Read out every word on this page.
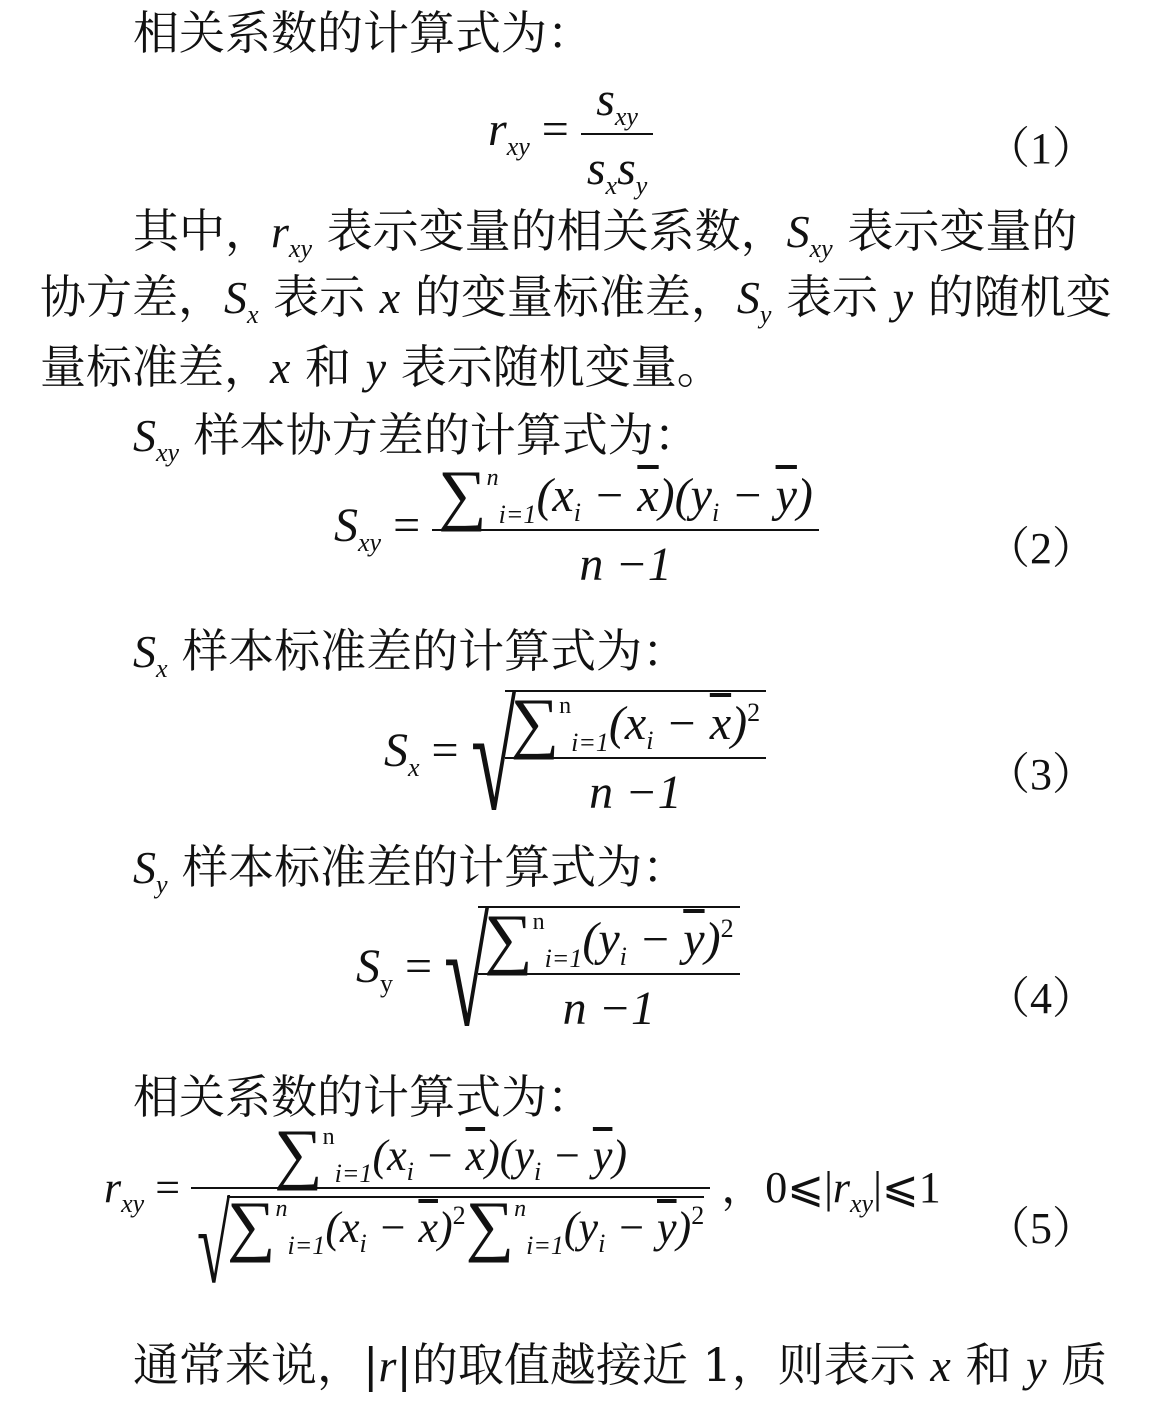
相关系数的计算式为：
$r_{xy} = \frac{s_{xy}}{s_xs_y}$	（1）
其中，$r_{xy}$ 表示变量的相关系数，$S_{xy}$ 表示变量的
协方差，$S_x$ 表示 x 的变量标准差，$S_y$ 表示 y 的随机变
量标准差，x 和 y 表示随机变量。
$S_{xy}$ 样本协方差的计算式为：
$S_{xy} = \frac{\sum^n_{i=1}(x_i - \overline{x})(y_i - \overline{y})}{n -1}$	（2）
$S_x$ 样本标准差的计算式为：
$S_x$ = √
$\frac{\sum^n_{i=1}(x_i - \overline{x})^2}{n -1}$	（3）
$S_y$ 样本标准差的计算式为：
$S_y$ = √
$\frac{\sum^n_{i=1}(y_i - \overline{y})^2}{n -1}$	（4）
相关系数的计算式为：
$r_{xy} = \sum^n_{i=1}(x_i - \overline{x})(y_i - \overline{y})$
√
$\sum^n_{i=1}(x_i - \overline{x})^2\sum^n_{i=1}(y_i - \overline{y})^2$ ，$0⩽|r_{xy}|⩽1$
（5）
通常来说，|r|的取值越接近 1，则表示 x 和 y 质
